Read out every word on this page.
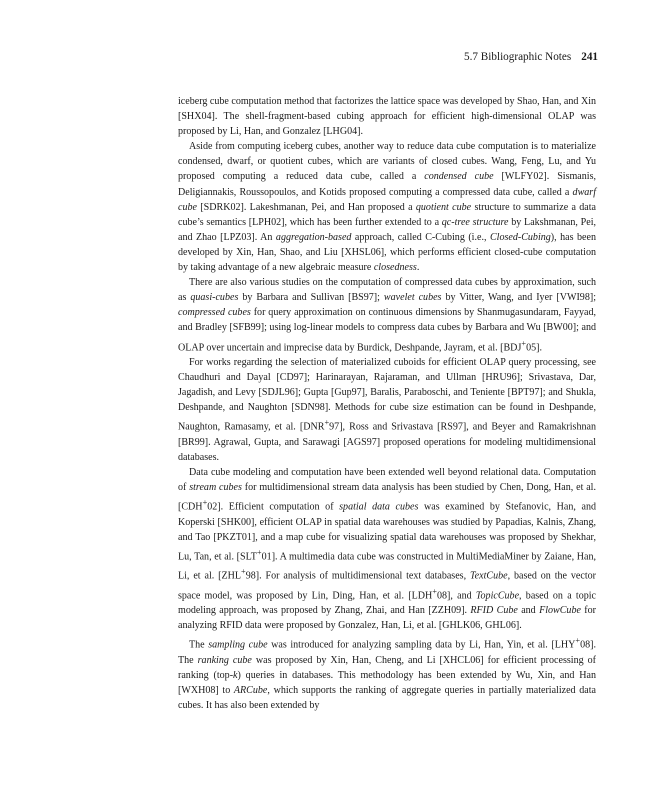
5.7 Bibliographic Notes 241

iceberg cube computation method that factorizes the lattice space was developed by Shao, Han, and Xin [SHX04]. The shell-fragment-based cubing approach for efficient high-dimensional OLAP was proposed by Li, Han, and Gonzalez [LHG04].

Aside from computing iceberg cubes, another way to reduce data cube computation is to materialize condensed, dwarf, or quotient cubes, which are variants of closed cubes. Wang, Feng, Lu, and Yu proposed computing a reduced data cube, called a condensed cube [WLFY02]. Sismanis, Deligiannakis, Roussopoulos, and Kotids proposed computing a compressed data cube, called a dwarf cube [SDRK02]. Lakeshmanan, Pei, and Han proposed a quotient cube structure to summarize a data cube’s semantics [LPH02], which has been further extended to a qc-tree structure by Lakshmanan, Pei, and Zhao [LPZ03]. An aggregation-based approach, called C-Cubing (i.e., Closed-Cubing), has been developed by Xin, Han, Shao, and Liu [XHSL06], which performs efficient closed-cube computation by taking advantage of a new algebraic measure closedness.

There are also various studies on the computation of compressed data cubes by approximation, such as quasi-cubes by Barbara and Sullivan [BS97]; wavelet cubes by Vitter, Wang, and Iyer [VWI98]; compressed cubes for query approximation on continuous dimensions by Shanmugasundaram, Fayyad, and Bradley [SFB99]; using log-linear models to compress data cubes by Barbara and Wu [BW00]; and OLAP over uncertain and imprecise data by Burdick, Deshpande, Jayram, et al. [BDJ+05].

For works regarding the selection of materialized cuboids for efficient OLAP query processing, see Chaudhuri and Dayal [CD97]; Harinarayan, Rajaraman, and Ullman [HRU96]; Srivastava, Dar, Jagadish, and Levy [SDJL96]; Gupta [Gup97], Baralis, Paraboschi, and Teniente [BPT97]; and Shukla, Deshpande, and Naughton [SDN98]. Methods for cube size estimation can be found in Deshpande, Naughton, Ramasamy, et al. [DNR+97], Ross and Srivastava [RS97], and Beyer and Ramakrishnan [BR99]. Agrawal, Gupta, and Sarawagi [AGS97] proposed operations for modeling multidimensional databases.

Data cube modeling and computation have been extended well beyond relational data. Computation of stream cubes for multidimensional stream data analysis has been studied by Chen, Dong, Han, et al. [CDH+02]. Efficient computation of spatial data cubes was examined by Stefanovic, Han, and Koperski [SHK00], efficient OLAP in spatial data warehouses was studied by Papadias, Kalnis, Zhang, and Tao [PKZT01], and a map cube for visualizing spatial data warehouses was proposed by Shekhar, Lu, Tan, et al. [SLT+01]. A multimedia data cube was constructed in MultiMediaMiner by Zaiane, Han, Li, et al. [ZHL+98]. For analysis of multidimensional text databases, TextCube, based on the vector space model, was proposed by Lin, Ding, Han, et al. [LDH+08], and TopicCube, based on a topic modeling approach, was proposed by Zhang, Zhai, and Han [ZZH09]. RFID Cube and FlowCube for analyzing RFID data were proposed by Gonzalez, Han, Li, et al. [GHLK06, GHL06].

The sampling cube was introduced for analyzing sampling data by Li, Han, Yin, et al. [LHY+08]. The ranking cube was proposed by Xin, Han, Cheng, and Li [XHCL06] for efficient processing of ranking (top-k) queries in databases. This methodology has been extended by Wu, Xin, and Han [WXH08] to ARCube, which supports the ranking of aggregate queries in partially materialized data cubes. It has also been extended by
